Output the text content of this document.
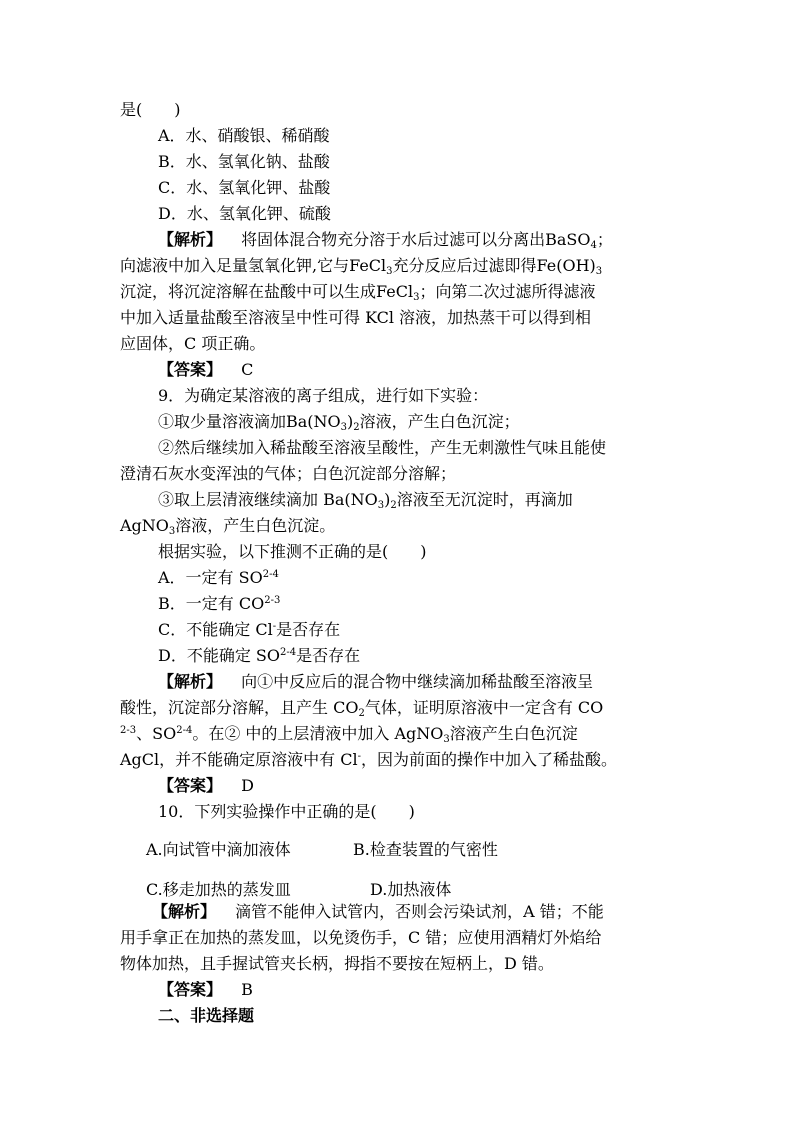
是(　　)
A．水、硝酸银、稀硝酸
B．水、氢氧化钠、盐酸
C．水、氢氧化钾、盐酸
D．水、氢氧化钾、硫酸
【解析】 将固体混合物充分溶于水后过滤可以分离出BaSO$_4$；
向滤液中加入足量氢氧化钾,它与FeCl$_3$充分反应后过滤即得$Fe(OH)_3$
沉淀，将沉淀溶解在盐酸中可以生成FeCl$_3$；向第二次过滤所得滤液
中加入适量盐酸至溶液呈中性可得 KCl 溶液，加热蒸干可以得到相
应固体，C 项正确。
【答案】 C
9．为确定某溶液的离子组成，进行如下实验：
①取少量溶液滴加$Ba(NO_3)_2$溶液，产生白色沉淀；
②然后继续加入稀盐酸至溶液呈酸性，产生无刺激性气味且能使
澄清石灰水变浑浊的气体；白色沉淀部分溶解；
③取上层清液继续滴加 $Ba(NO_3)_2$溶液至无沉淀时，再滴加
AgNO$_3$溶液，产生白色沉淀。
根据实验，以下推测不正确的是(　　)
A．一定有 SO$^{2-4}$
B．一定有 CO$^{2-3}$
C．不能确定 Cl-是否存在
D．不能确定 SO$^{2-4}$是否存在
【解析】 向①中反应后的混合物中继续滴加稀盐酸至溶液呈
酸性，沉淀部分溶解，且产生 $CO_2$气体，证明原溶液中一定含有 CO
$^{2-3}$、SO$^{2-4}$。在② 中的上层清液中加入 AgNO$_3$溶液产生白色沉淀
AgCl，并不能确定原溶液中有 Cl-，因为前面的操作中加入了稀盐酸。
【答案】 D
10．下列实验操作中正确的是(　　)
A.向试管中滴加液体	B.检查装置的气密性
C.移走加热的蒸发皿	D.加热液体
【解析】 滴管不能伸入试管内，否则会污染试剂，A 错；不能
用手拿正在加热的蒸发皿，以免烫伤手，C 错；应使用酒精灯外焰给
物体加热，且手握试管夹长柄，拇指不要按在短柄上，D 错。
【答案】 B
二、非选择题
